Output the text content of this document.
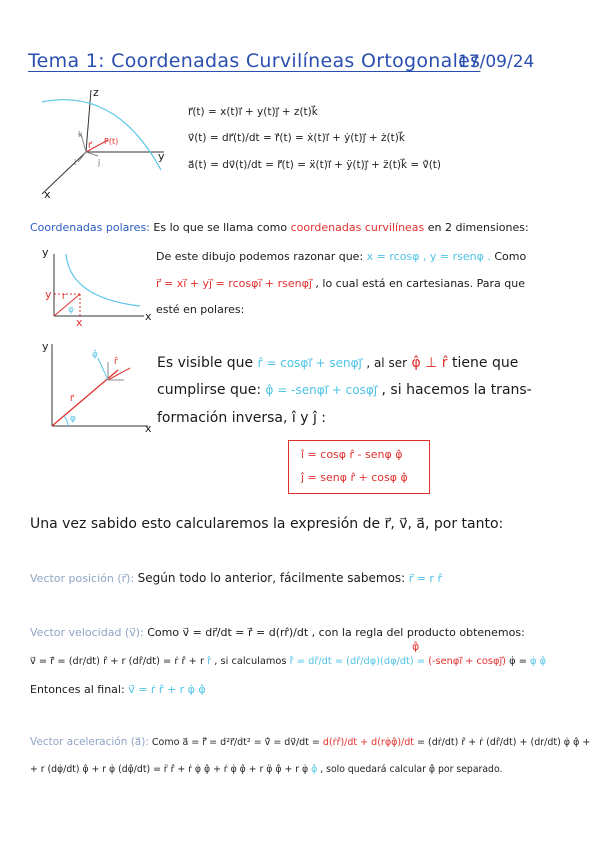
Tema 1: Coordenadas Curvilíneas Ortogonales
17/09/24
z
y
x
r⃗ P(t)
k
i	j
r⃗(t) = x(t)i⃗ + y(t)j⃗ + z(t)k⃗
v⃗(t) = dr⃗(t)/dt = ṙ⃗(t) = ẋ(t)i⃗ + ẏ(t)j⃗ + ż(t)k⃗
a⃗(t) = dv⃗(t)/dt = r̈⃗(t) = ẍ(t)i⃗ + ÿ(t)j⃗ + z̈(t)k⃗ = v̇⃗(t)
Coordenadas polares: Es lo que se llama como coordenadas curvilíneas en 2 dimensiones:
y
x
y
x
r
φ
De este dibujo podemos razonar que: x = rcosφ , y = rsenφ . Como
r⃗ = xi⃗ + yj⃗ = rcosφi⃗ + rsenφj⃗ , lo cual está en cartesianas. Para que
esté en polares:
y
x
r⃗
r̂
φ̂
φ
Es visible que r̂ = cosφi⃗ + senφj⃗ , al ser φ̂ ⊥ r̂ tiene que
cumplirse que: φ̂ = -senφi⃗ + cosφj⃗ , si hacemos la trans-
formación inversa, î y ĵ :
î = cosφ r̂ - senφ φ̂
ĵ = senφ r̂ + cosφ φ̂
Una vez sabido esto calcularemos la expresión de r⃗, v⃗, a⃗, por tanto:
Vector posición (r⃗): Según todo lo anterior, fácilmente sabemos: r⃗ = r r̂
Vector velocidad (v⃗): Como v⃗ = dr⃗/dt = ṙ⃗ = d(rr̂)/dt , con la regla del producto obtenemos:
φ̂
v⃗ = ṙ⃗ = (dr/dt) r̂ + r (dr̂/dt) = ṙ r̂ + r ṙ̂ , si calculamos ṙ̂ = dr̂/dt = (dr̂/dφ)(dφ/dt) = (-senφi⃗ + cosφj⃗) φ̇ = φ̇ φ̂
Entonces al final: v⃗ = ṙ r̂ + r φ̇ φ̂
Vector aceleración (a⃗): Como a⃗ = r̈⃗ = d²r⃗/dt² = v̇⃗ = dv⃗/dt = d(ṙr̂)/dt + d(rφ̇φ̂)/dt = (dṙ/dt) r̂ + ṙ (dr̂/dt) + (dr/dt) φ̇ φ̂ +
+ r (dφ̇/dt) φ̂ + r φ̇ (dφ̂/dt) = r̈ r̂ + ṙ φ̇ φ̂ + ṙ φ̇ φ̂ + r φ̈ φ̂ + r φ̇ φ̂̇ , solo quedará calcular φ̂̇ por separado.
